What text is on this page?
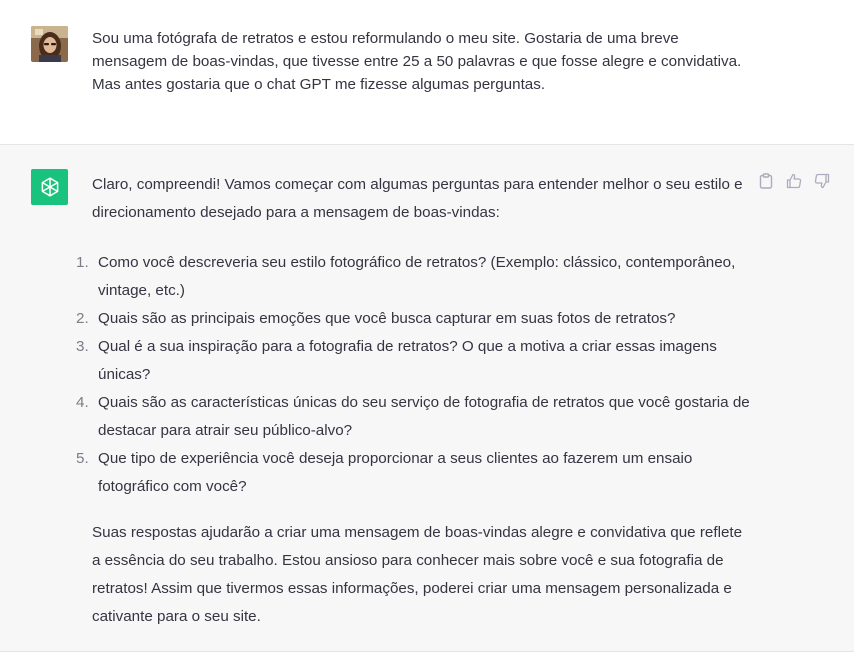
Sou uma fotógrafa de retratos e estou reformulando o meu site. Gostaria de uma breve mensagem de boas-vindas, que tivesse entre 25 a 50 palavras e que fosse alegre e convidativa.
Mas antes gostaria que o chat GPT me fizesse algumas perguntas.

Claro, compreendi! Vamos começar com algumas perguntas para entender melhor o seu estilo e direcionamento desejado para a mensagem de boas-vindas:

1. Como você descreveria seu estilo fotográfico de retratos? (Exemplo: clássico, contemporâneo, vintage, etc.)
2. Quais são as principais emoções que você busca capturar em suas fotos de retratos?
3. Qual é a sua inspiração para a fotografia de retratos? O que a motiva a criar essas imagens únicas?
4. Quais são as características únicas do seu serviço de fotografia de retratos que você gostaria de destacar para atrair seu público-alvo?
5. Que tipo de experiência você deseja proporcionar a seus clientes ao fazerem um ensaio fotográfico com você?

Suas respostas ajudarão a criar uma mensagem de boas-vindas alegre e convidativa que reflete a essência do seu trabalho. Estou ansioso para conhecer mais sobre você e sua fotografia de retratos! Assim que tivermos essas informações, poderei criar uma mensagem personalizada e cativante para o seu site.
